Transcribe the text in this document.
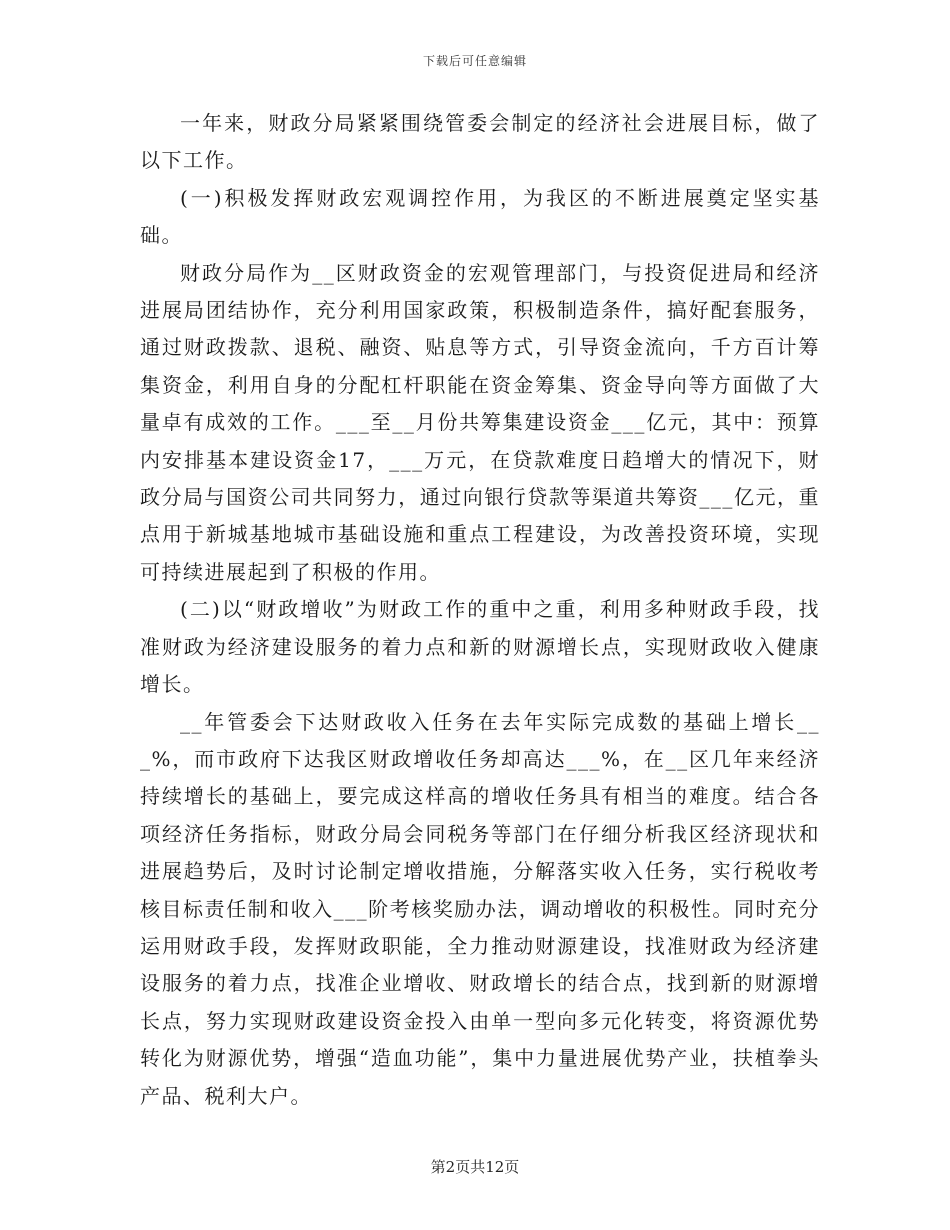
下载后可任意编辑

一年来，财政分局紧紧围绕管委会制定的经济社会进展目标，做了以下工作。

(一)积极发挥财政宏观调控作用，为我区的不断进展奠定坚实基础。

财政分局作为__区财政资金的宏观管理部门，与投资促进局和经济进展局团结协作，充分利用国家政策，积极制造条件，搞好配套服务，通过财政拨款、退税、融资、贴息等方式，引导资金流向，千方百计筹集资金，利用自身的分配杠杆职能在资金筹集、资金导向等方面做了大量卓有成效的工作。___至__月份共筹集建设资金___亿元，其中：预算内安排基本建设资金17，___万元，在贷款难度日趋增大的情况下，财政分局与国资公司共同努力，通过向银行贷款等渠道共筹资___亿元，重点用于新城基地城市基础设施和重点工程建设，为改善投资环境，实现可持续进展起到了积极的作用。

(二)以“财政增收”为财政工作的重中之重，利用多种财政手段，找准财政为经济建设服务的着力点和新的财源增长点，实现财政收入健康增长。

__年管委会下达财政收入任务在去年实际完成数的基础上增长___%，而市政府下达我区财政增收任务却高达___%，在__区几年来经济持续增长的基础上，要完成这样高的增收任务具有相当的难度。结合各项经济任务指标，财政分局会同税务等部门在仔细分析我区经济现状和进展趋势后，及时讨论制定增收措施，分解落实收入任务，实行税收考核目标责任制和收入___阶考核奖励办法，调动增收的积极性。同时充分运用财政手段，发挥财政职能，全力推动财源建设，找准财政为经济建设服务的着力点，找准企业增收、财政增长的结合点，找到新的财源增长点，努力实现财政建设资金投入由单一型向多元化转变，将资源优势转化为财源优势，增强“造血功能”，集中力量进展优势产业，扶植拳头产品、税利大户。

第2页共12页
